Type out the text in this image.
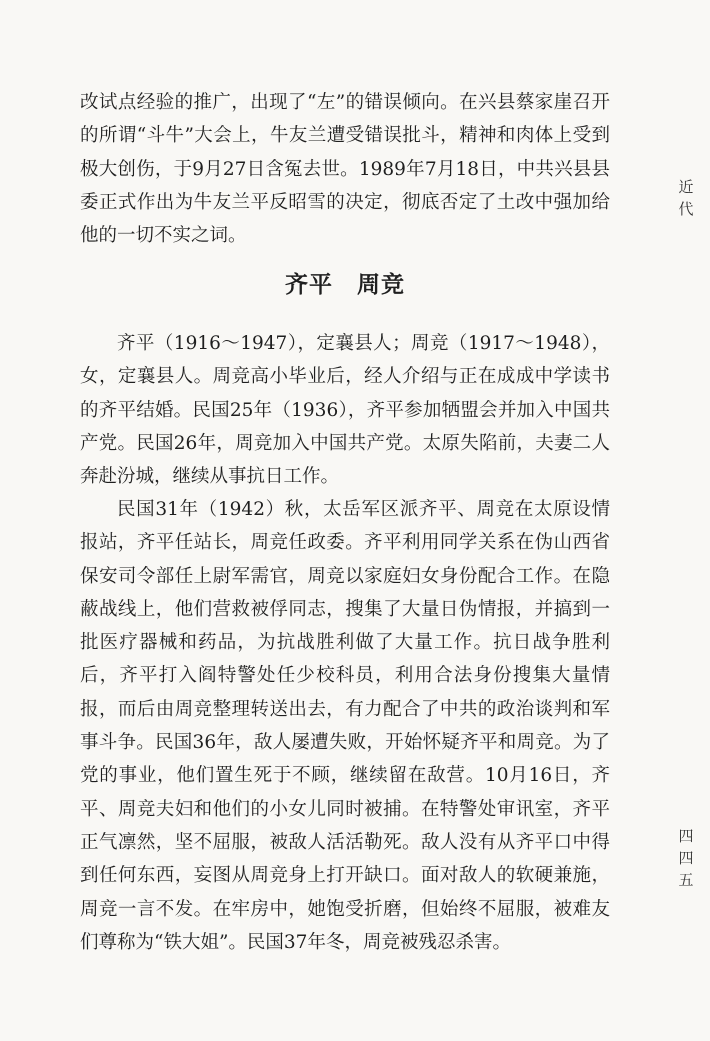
改试点经验的推广，出现了“左”的错误倾向。在兴县蔡家崖召开的所谓“斗牛”大会上，牛友兰遭受错误批斗，精神和肉体上受到极大创伤，于9月27日含冤去世。1989年7月18日，中共兴县县委正式作出为牛友兰平反昭雪的决定，彻底否定了土改中强加给他的一切不实之词。

齐平　周竞

齐平（1916～1947），定襄县人；周竞（1917～1948），女，定襄县人。周竞高小毕业后，经人介绍与正在成成中学读书的齐平结婚。民国25年（1936），齐平参加牺盟会并加入中国共产党。民国26年，周竞加入中国共产党。太原失陷前，夫妻二人奔赴汾城，继续从事抗日工作。

民国31年（1942）秋，太岳军区派齐平、周竞在太原设情报站，齐平任站长，周竞任政委。齐平利用同学关系在伪山西省保安司令部任上尉军需官，周竞以家庭妇女身份配合工作。在隐蔽战线上，他们营救被俘同志，搜集了大量日伪情报，并搞到一批医疗器械和药品，为抗战胜利做了大量工作。抗日战争胜利后，齐平打入阎特警处任少校科员，利用合法身份搜集大量情报，而后由周竞整理转送出去，有力配合了中共的政治谈判和军事斗争。民国36年，敌人屡遭失败，开始怀疑齐平和周竞。为了党的事业，他们置生死于不顾，继续留在敌营。10月16日，齐平、周竞夫妇和他们的小女儿同时被捕。在特警处审讯室，齐平正气凛然，坚不屈服，被敌人活活勒死。敌人没有从齐平口中得到任何东西，妄图从周竞身上打开缺口。面对敌人的软硬兼施，周竞一言不发。在牢房中，她饱受折磨，但始终不屈服，被难友们尊称为“铁大姐”。民国37年冬，周竞被残忍杀害。

近
代
四
四
五
